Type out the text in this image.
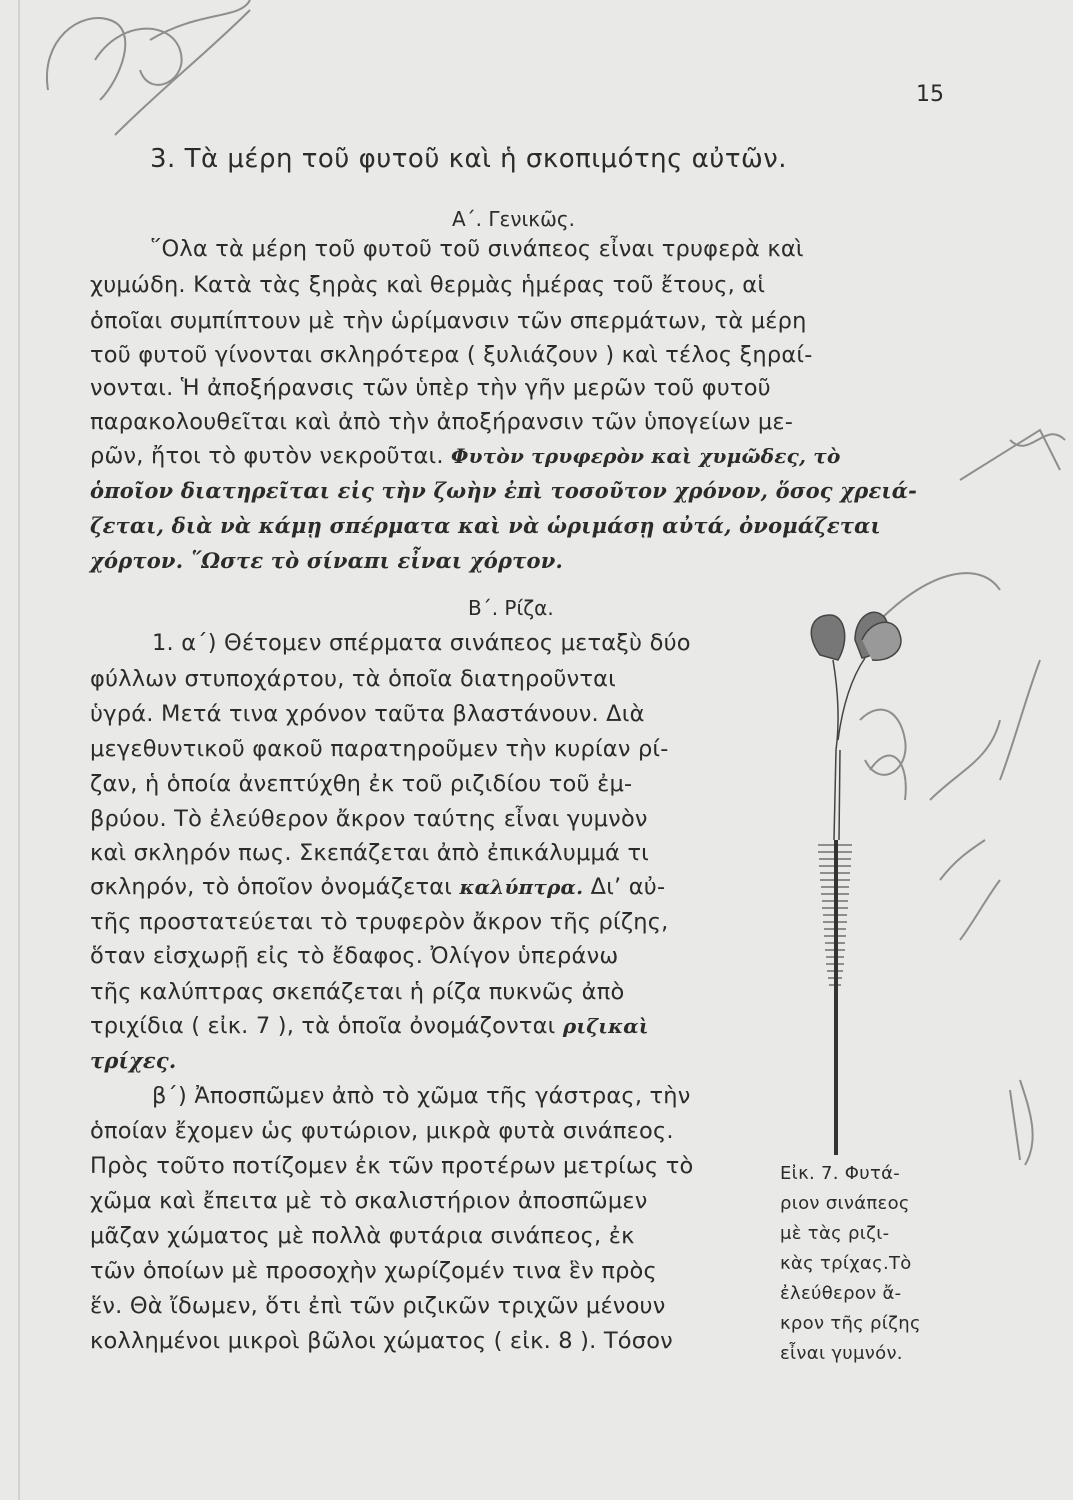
15
3. Τὰ μέρη τοῦ φυτοῦ καὶ ἡ σκοπιμότης αὐτῶν.
Α΄. Γενικῶς.
῞Ολα τὰ μέρη τοῦ φυτοῦ τοῦ σινάπεος εἶναι τρυφερὰ καὶ
χυμώδη. Κατὰ τὰς ξηρὰς καὶ θερμὰς ἡμέρας τοῦ ἔτους, αἱ
ὁποῖαι συμπίπτουν μὲ τὴν ὡρίμανσιν τῶν σπερμάτων, τὰ μέρη
τοῦ φυτοῦ γίνονται σκληρότερα ( ξυλιάζουν ) καὶ τέλος ξηραί-
νονται. Ἡ ἀποξήρανσις τῶν ὑπὲρ τὴν γῆν μερῶν τοῦ φυτοῦ
παρακολουθεῖται καὶ ἀπὸ τὴν ἀποξήρανσιν τῶν ὑπογείων με-
ρῶν, ἤτοι τὸ φυτὸν νεκροῦται. Φυτὸν τρυφερὸν καὶ χυμῶδες, τὸ
ὁποῖον διατηρεῖται εἰς τὴν ζωὴν ἐπὶ τοσοῦτον χρόνον, ὅσος χρειά-
ζεται, διὰ νὰ κάμῃ σπέρματα καὶ νὰ ὡριμάσῃ αὐτά, ὀνομάζεται
χόρτον. ῞Ωστε τὸ σίναπι εἶναι χόρτον.
Β΄. Ρίζα.
1. α΄) Θέτομεν σπέρματα σινάπεος μεταξὺ δύο
φύλλων στυποχάρτου, τὰ ὁποῖα διατηροῦνται
ὑγρά. Μετά τινα χρόνον ταῦτα βλαστάνουν. Διὰ
μεγεθυντικοῦ φακοῦ παρατηροῦμεν τὴν κυρίαν ρί-
ζαν, ἡ ὁποία ἀνεπτύχθη ἐκ τοῦ ριζιδίου τοῦ ἐμ-
βρύου. Τὸ ἐλεύθερον ἄκρον ταύτης εἶναι γυμνὸν
καὶ σκληρόν πως. Σκεπάζεται ἀπὸ ἐπικάλυμμά τι
σκληρόν, τὸ ὁποῖον ὀνομάζεται καλύπτρα. Δι’ αὐ-
τῆς προστατεύεται τὸ τρυφερὸν ἄκρον τῆς ρίζης,
ὅταν εἰσχωρῇ εἰς τὸ ἔδαφος. Ὀλίγον ὑπεράνω
τῆς καλύπτρας σκεπάζεται ἡ ρίζα πυκνῶς ἀπὸ
τριχίδια ( εἰκ. 7 ), τὰ ὁποῖα ὀνομάζονται ριζικαὶ
τρίχες.
β΄) Ἀποσπῶμεν ἀπὸ τὸ χῶμα τῆς γάστρας, τὴν
ὁποίαν ἔχομεν ὡς φυτώριον, μικρὰ φυτὰ σινάπεος.
Πρὸς τοῦτο ποτίζομεν ἐκ τῶν προτέρων μετρίως τὸ
χῶμα καὶ ἔπειτα μὲ τὸ σκαλιστήριον ἀποσπῶμεν
μᾶζαν χώματος μὲ πολλὰ φυτάρια σινάπεος, ἐκ
τῶν ὁποίων μὲ προσοχὴν χωρίζομέν τινα ἓν πρὸς
ἕν. Θὰ ἴδωμεν, ὅτι ἐπὶ τῶν ριζικῶν τριχῶν μένουν
κολλημένοι μικροὶ βῶλοι χώματος ( εἰκ. 8 ). Τόσον
Εἰκ. 7. Φυτά-
ριον σινάπεος
μὲ τὰς ριζι-
κὰς τρίχας.Τὸ
ἐλεύθερον ἄ-
κρον τῆς ρίζης
εἶναι γυμνόν.
